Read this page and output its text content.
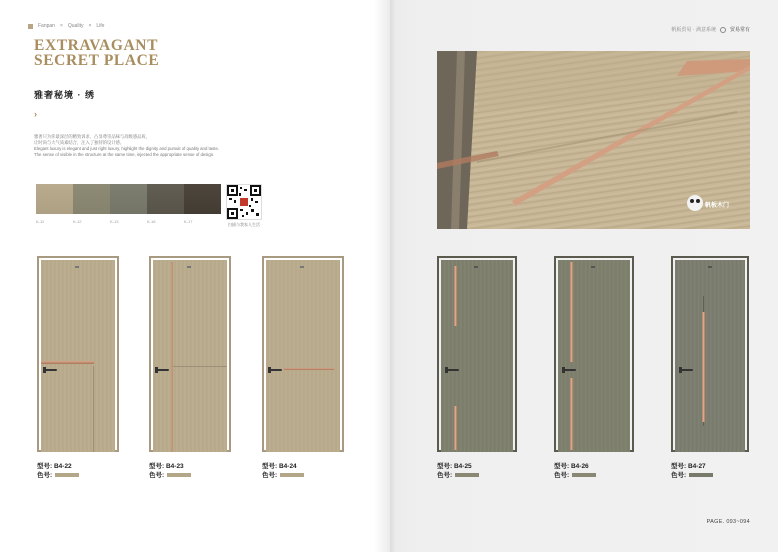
Fanpan × Quality × Life
EXTRAVAGANT
SECRET PLACE
雅奢秘境 · 绣
›
雅奢只为你最深层的精致诉求，凸显尊崇品味与高级感品质，
让时尚与大气质素结合，注入了独特的设计感。
Elegant luxury is elegant and just right luxury, highlight the dignity and pursuit of quality and taste.
The sense of visible in the structure at the same time, injected the appropriate sense of design.
K-11	K-12	K-13	K-16	K-17
扫描与我家人生活
型号: B4-22
色号:
型号: B4-23
色号:
型号: B4-24
色号:
帆板贸易 · 满意系统	贸易常有
帆板木门
型号: B4-25
色号:
型号: B4-26
色号:
型号: B4-27
色号:
PAGE. 093~094
